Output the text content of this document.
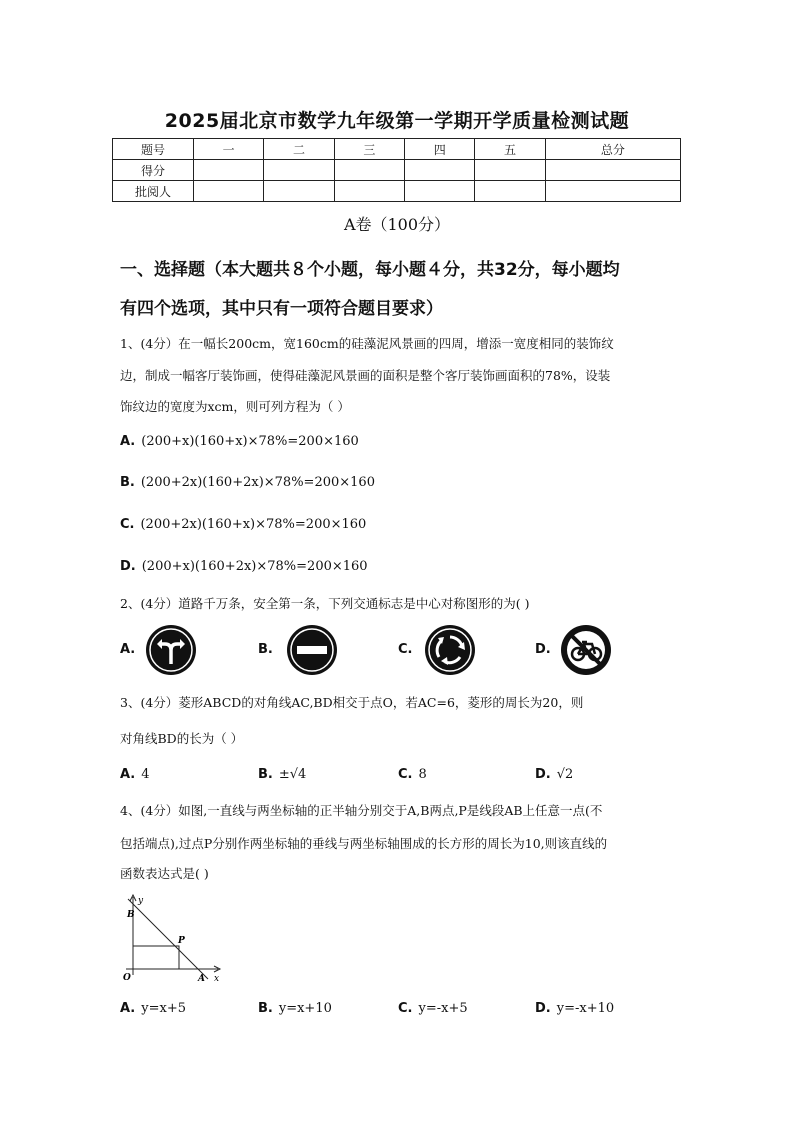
2025届北京市数学九年级第一学期开学质量检测试题
题号	一	二	三	四	五	总分
得分						
批阅人						
A卷（100分）
一、选择题（本大题共８个小题，每小题４分，共32分，每小题均
有四个选项，其中只有一项符合题目要求）
1、(4分）在一幅长200cm，宽160cm的硅藻泥风景画的四周，增添一宽度相同的装饰纹
边，制成一幅客厅装饰画，使得硅藻泥风景画的面积是整个客厅装饰画面积的78%，设装
饰纹边的宽度为xcm，则可列方程为（ ）
A. (200+x)(160+x)×78%=200×160
B. (200+2x)(160+2x)×78%=200×160
C. (200+2x)(160+x)×78%=200×160
D. (200+x)(160+2x)×78%=200×160
2、(4分）道路千万条，安全第一条，下列交通标志是中心对称图形的为( )
A.	B.	C.	D.
3、(4分）菱形ABCD的对角线AC,BD相交于点O，若AC=6，菱形的周长为20，则
对角线BD的长为（ ）
A. 4	B. ±√4	C. 8	D. √2
4、(4分）如图,一直线与两坐标轴的正半轴分别交于A,B两点,P是线段AB上任意一点(不
包括端点),过点P分别作两坐标轴的垂线与两坐标轴围成的长方形的周长为10,则该直线的
函数表达式是( )
y
B
P
O	A x
A. y=x+5	B. y=x+10	C. y=-x+5	D. y=-x+10
